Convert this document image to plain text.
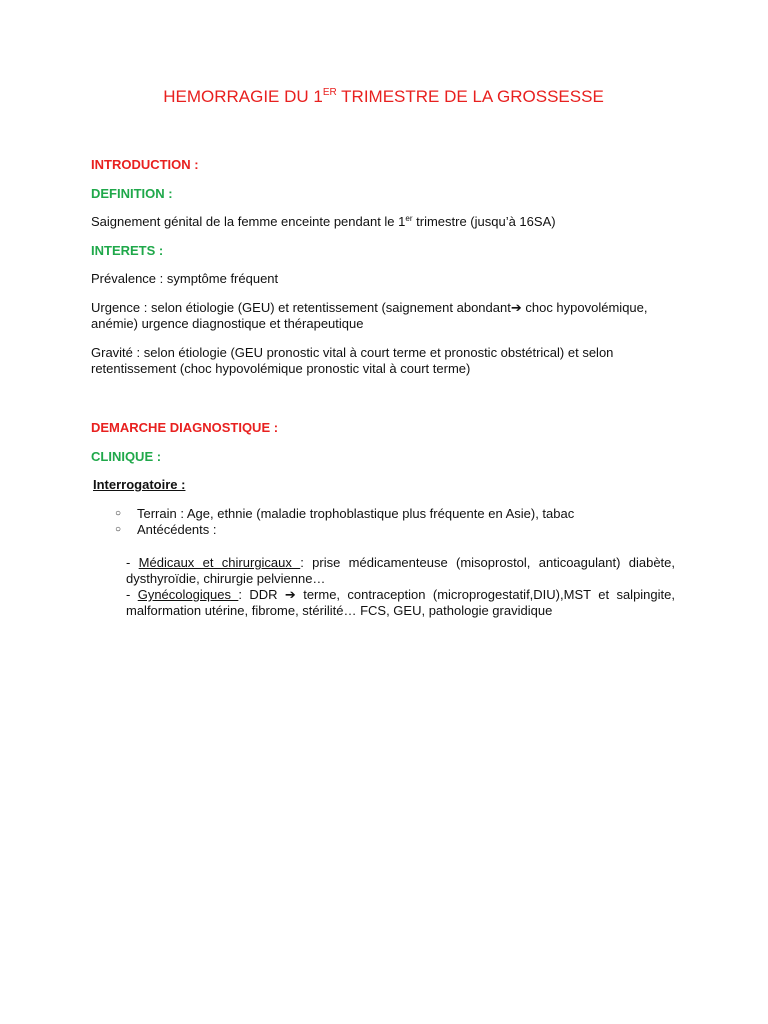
HEMORRAGIE DU 1ER TRIMESTRE DE LA GROSSESSE
INTRODUCTION :
DEFINITION :
Saignement génital de la femme enceinte pendant le 1er trimestre (jusqu’à 16SA)
INTERETS :
Prévalence : symptôme fréquent
Urgence : selon étiologie (GEU) et retentissement (saignement abondant➔ choc hypovolémique, anémie) urgence diagnostique et thérapeutique
Gravité : selon étiologie (GEU pronostic vital à court terme et pronostic obstétrical) et selon retentissement (choc hypovolémique pronostic vital à court terme)
DEMARCHE DIAGNOSTIQUE :
CLINIQUE :
Interrogatoire :
○ Terrain : Age, ethnie (maladie trophoblastique plus fréquente en Asie), tabac
○ Antécédents :
- Médicaux et chirurgicaux : prise médicamenteuse (misoprostol, anticoagulant) diabète, dysthyroïdie, chirurgie pelvienne…
- Gynécologiques : DDR ➔ terme, contraception (microprogestatif,DIU),MST et salpingite, malformation utérine, fibrome, stérilité… FCS, GEU, pathologie gravidique
